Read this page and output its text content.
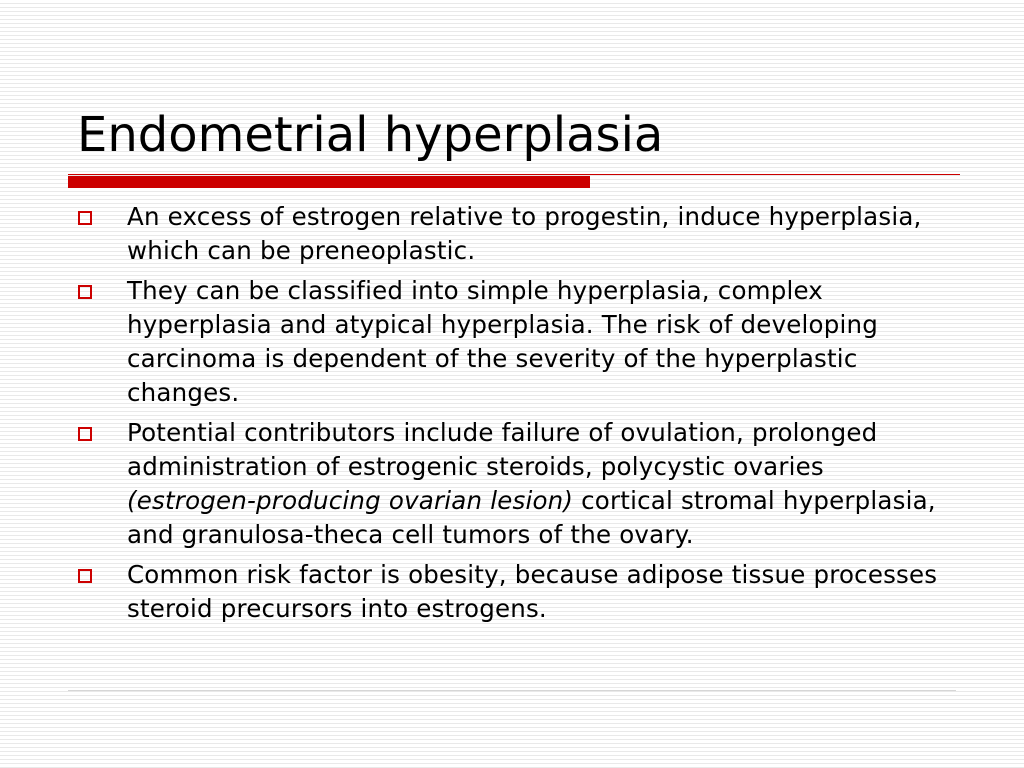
Endometrial hyperplasia
An excess of estrogen relative to progestin, induce hyperplasia, which can be preneoplastic.
They can be classified into simple hyperplasia, complex hyperplasia and atypical hyperplasia. The risk of developing carcinoma is dependent of the severity of the hyperplastic changes.
Potential contributors include failure of ovulation, prolonged administration of estrogenic steroids, polycystic ovaries (estrogen-producing ovarian lesion) cortical stromal hyperplasia, and granulosa-theca cell tumors of the ovary.
Common risk factor is obesity, because adipose tissue processes steroid precursors into estrogens.
